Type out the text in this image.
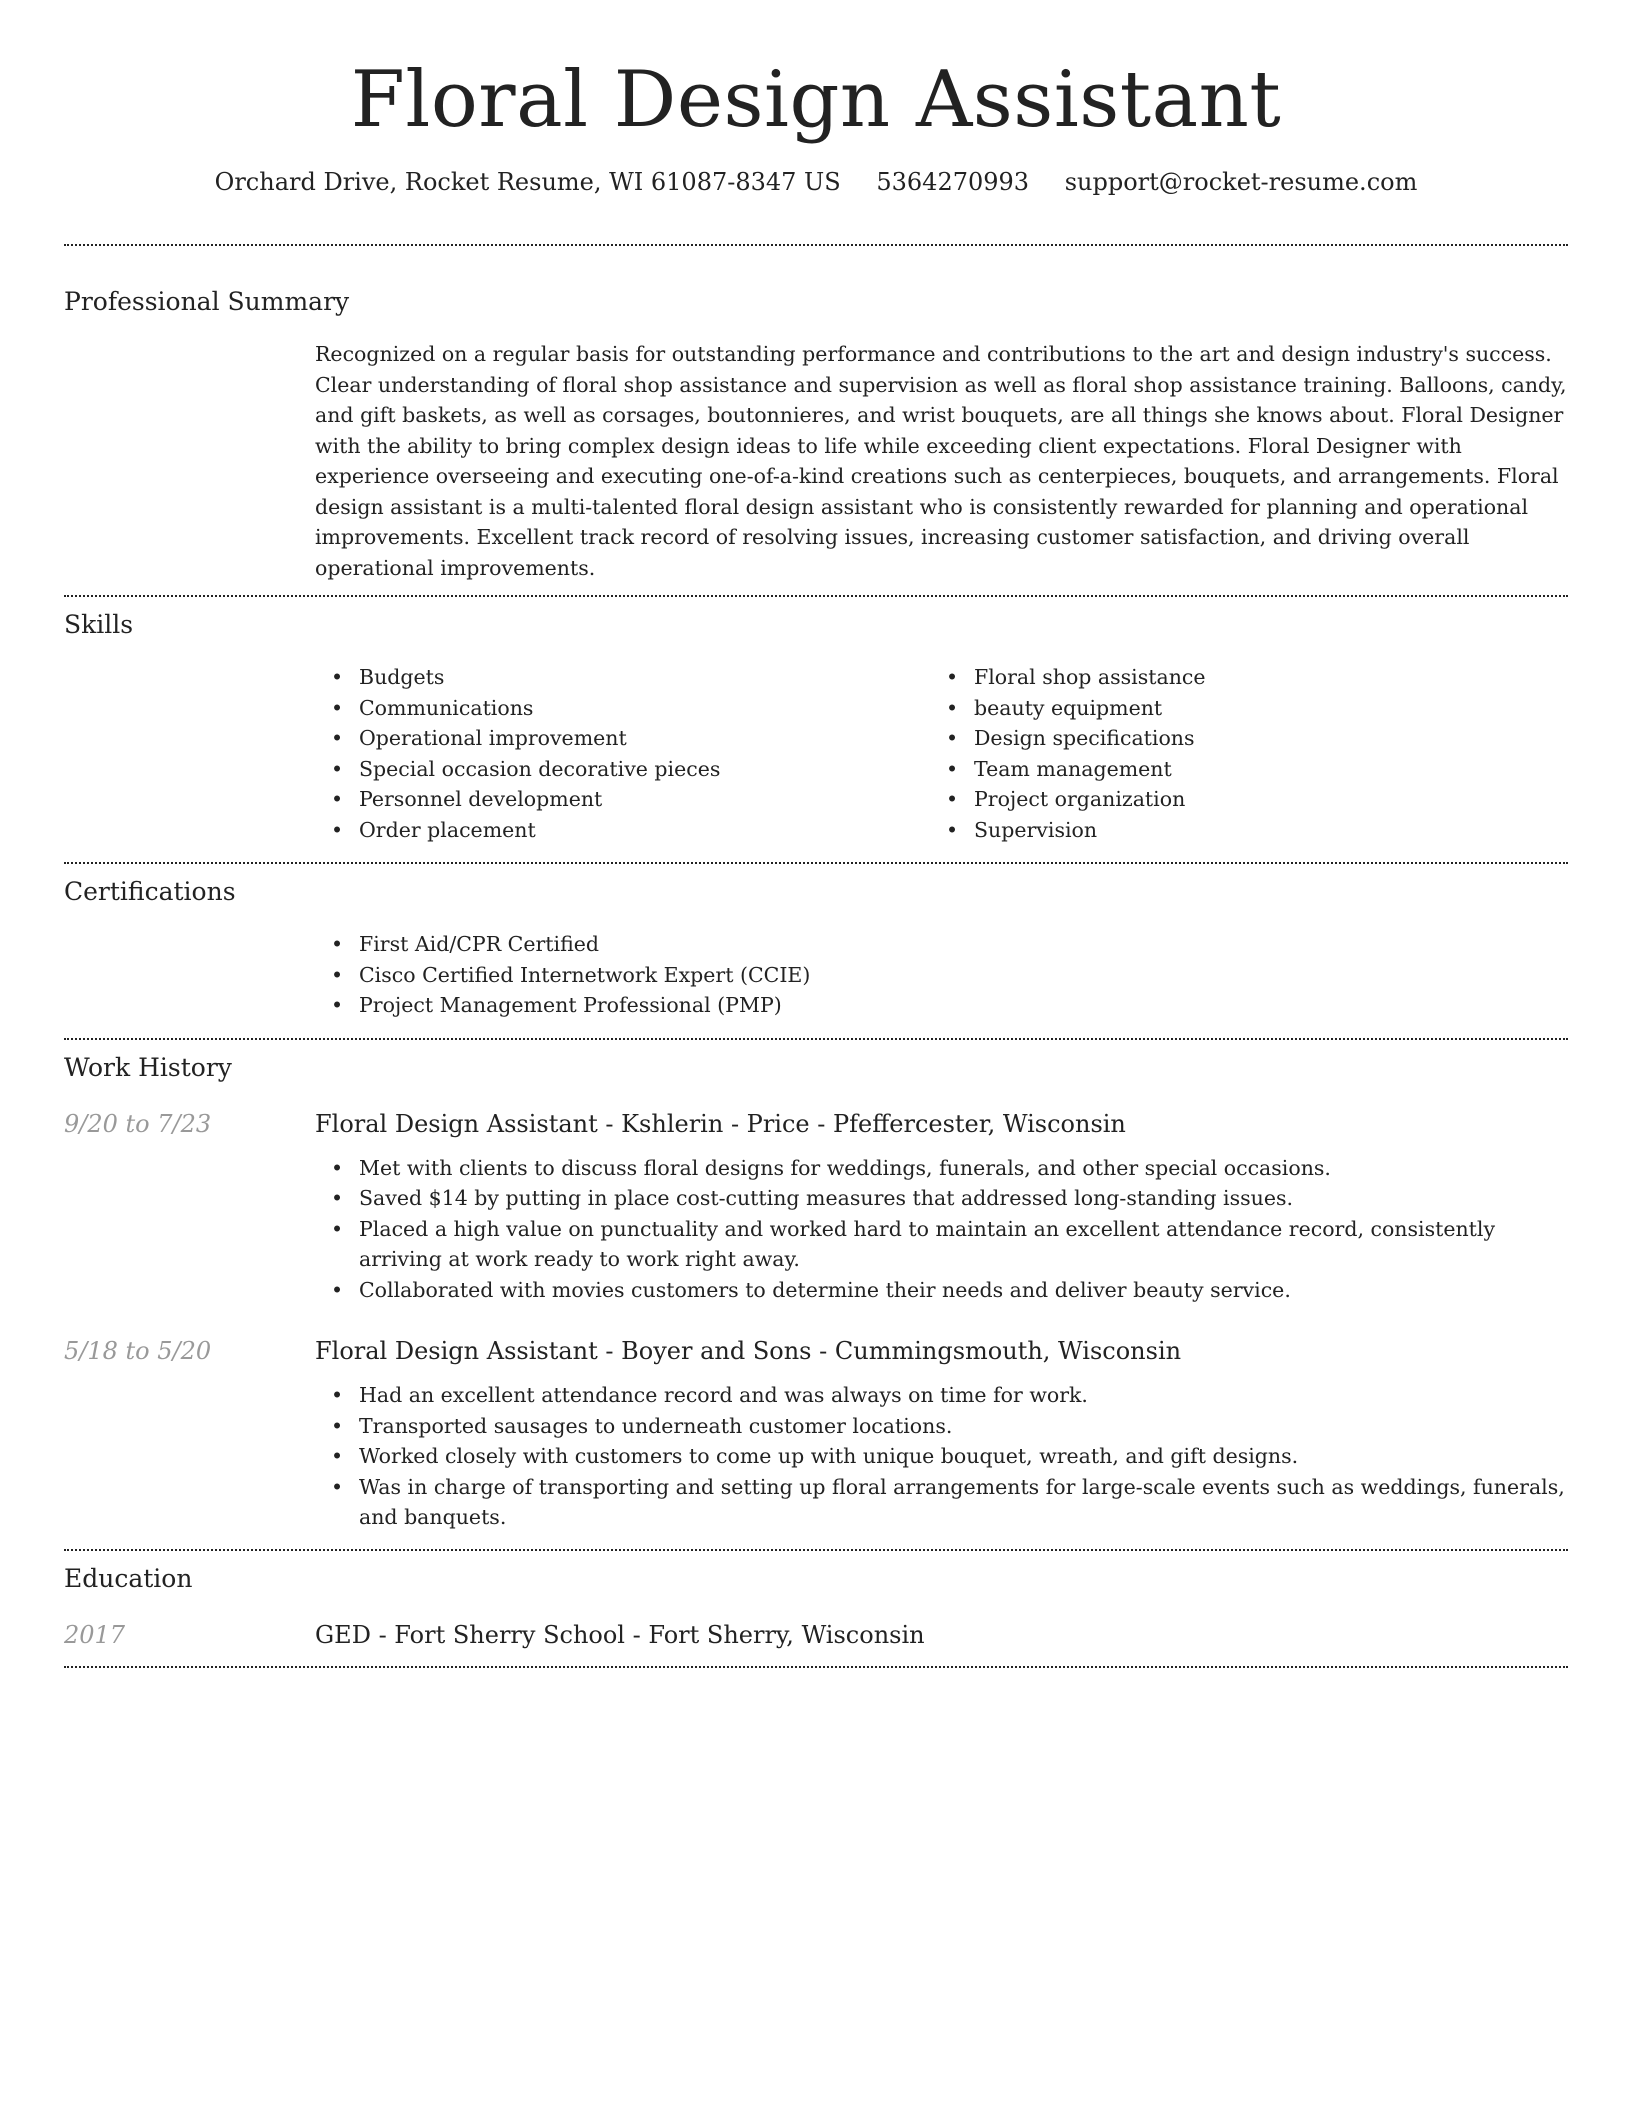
Floral Design Assistant
Orchard Drive, Rocket Resume, WI 61087-8347 US 5364270993 support@rocket-resume.com
Professional Summary

Recognized on a regular basis for outstanding performance and contributions to the art and design industry's success. Clear understanding of floral shop assistance and supervision as well as floral shop assistance training. Balloons, candy, and gift baskets, as well as corsages, boutonnieres, and wrist bouquets, are all things she knows about. Floral Designer with the ability to bring complex design ideas to life while exceeding client expectations. Floral Designer with experience overseeing and executing one-of-a-kind creations such as centerpieces, bouquets, and arrangements. Floral design assistant is a multi-talented floral design assistant who is consistently rewarded for planning and operational improvements. Excellent track record of resolving issues, increasing customer satisfaction, and driving overall operational improvements.

Skills
• Budgets
• Communications
• Operational improvement
• Special occasion decorative pieces
• Personnel development
• Order placement
• Floral shop assistance
• beauty equipment
• Design specifications
• Team management
• Project organization
• Supervision
Certifications
• First Aid/CPR Certified
• Cisco Certified Internetwork Expert (CCIE)
• Project Management Professional (PMP)
Work History
9/20 to 7/23	Floral Design Assistant - Kshlerin - Price - Pfeffercester, Wisconsin
• Met with clients to discuss floral designs for weddings, funerals, and other special occasions.
• Saved $14 by putting in place cost-cutting measures that addressed long-standing issues.
• Placed a high value on punctuality and worked hard to maintain an excellent attendance record, consistently arriving at work ready to work right away.
• Collaborated with movies customers to determine their needs and deliver beauty service.
5/18 to 5/20	Floral Design Assistant - Boyer and Sons - Cummingsmouth, Wisconsin
• Had an excellent attendance record and was always on time for work.
• Transported sausages to underneath customer locations.
• Worked closely with customers to come up with unique bouquet, wreath, and gift designs.
• Was in charge of transporting and setting up floral arrangements for large-scale events such as weddings, funerals, and banquets.
Education
2017	GED - Fort Sherry School - Fort Sherry, Wisconsin
